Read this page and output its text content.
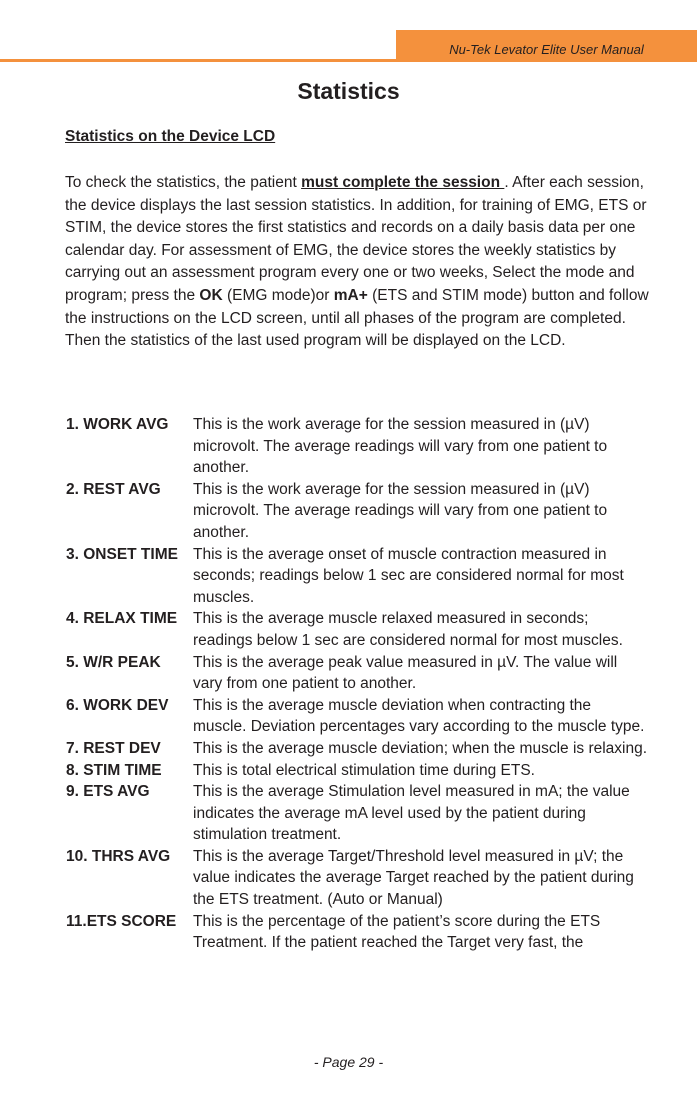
Nu-Tek Levator Elite User Manual
Statistics
Statistics on the Device LCD

To check the statistics, the patient must complete the session . After each session, the device displays the last session statistics. In addition, for training of EMG, ETS or STIM, the device stores the first statistics and records on a daily basis data per one calendar day. For assessment of EMG, the device stores the weekly statistics by carrying out an assessment program every one or two weeks, Select the mode and program; press the OK (EMG mode)or mA+ (ETS and STIM mode) button and follow the instructions on the LCD screen, until all phases of the program are completed. Then the statistics of the last used program will be displayed on the LCD.

1. WORK AVG	This is the work average for the session measured in (µV) microvolt. The average readings will vary from one patient to another.
2. REST AVG	This is the work average for the session measured in (µV) microvolt. The average readings will vary from one patient to another.
3. ONSET TIME This is the average onset of muscle contraction measured in seconds; readings below 1 sec are considered normal for most muscles.
4. RELAX TIME	This is the average muscle relaxed measured in seconds; readings below 1 sec are considered normal for most muscles.
5. W/R PEAK	This is the average peak value measured in µV. The value will vary from one patient to another.
6. WORK DEV	This is the average muscle deviation when contracting the muscle. Deviation percentages vary according to the muscle type.
7. REST DEV	This is the average muscle deviation; when the muscle is relaxing.
8. STIM TIME	This is total electrical stimulation time during ETS.
9. ETS AVG	This is the average Stimulation level measured in mA; the value indicates the average mA level used by the patient during stimulation treatment.
10. THRS AVG	This is the average Target/Threshold level measured in µV; the value indicates the average Target reached by the patient during the ETS treatment. (Auto or Manual)
11.ETS SCORE	This is the percentage of the patient’s score during the ETS Treatment. If the patient reached the Target very fast, the
- Page 29 -
